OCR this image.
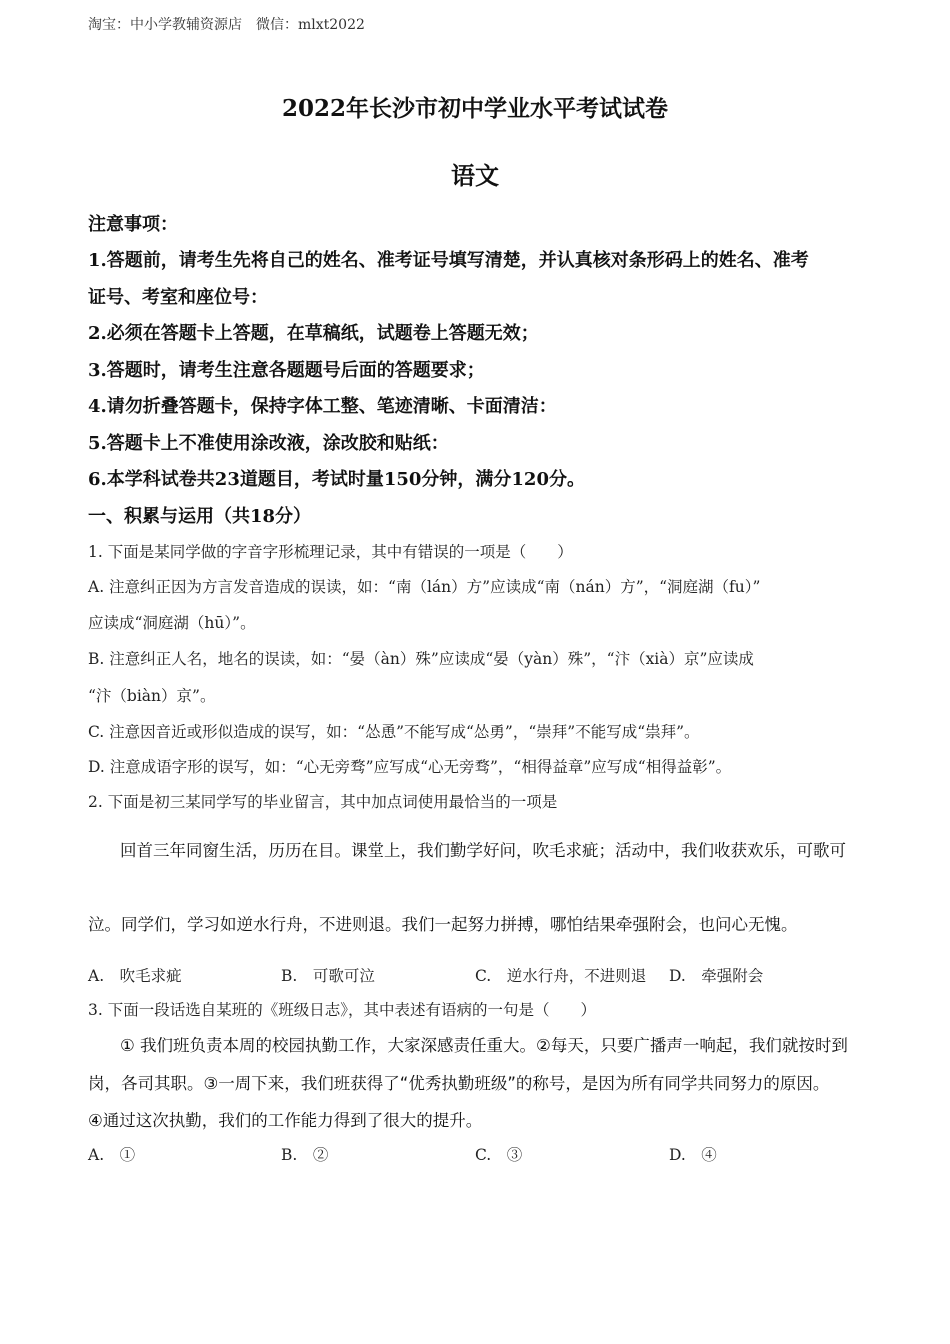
淘宝：中小学教辅资源店　微信：mlxt2022
2022年长沙市初中学业水平考试试卷
语文
注意事项：
1.答题前，请考生先将自己的姓名、准考证号填写清楚，并认真核对条形码上的姓名、准考
证号、考室和座位号：
2.必须在答题卡上答题，在草稿纸，试题卷上答题无效；
3.答题时，请考生注意各题题号后面的答题要求；
4.请勿折叠答题卡，保持字体工整、笔迹清晰、卡面清洁：
5.答题卡上不准使用涂改液，涂改胶和贴纸：
6.本学科试卷共23道题目，考试时量150分钟，满分120分。
一、积累与运用（共18分）
1. 下面是某同学做的字音字形梳理记录，其中有错误的一项是（　　）
A. 注意纠正因为方言发音造成的误读，如：“南（lán）方”应读成“南（nán）方”，“洞庭湖（fu）”
应读成“洞庭湖（hū）”。
B. 注意纠正人名，地名的误读，如：“晏（àn）殊”应读成“晏（yàn）殊”，“汴（xià）京”应读成
“汴（biàn）京”。
C. 注意因音近或形似造成的误写，如：“怂恿”不能写成“怂勇”，“崇拜”不能写成“祟拜”。
D. 注意成语字形的误写，如：“心无旁骛”应写成“心无旁骛”，“相得益章”应写成“相得益彰”。
2. 下面是初三某同学写的毕业留言，其中加点词使用最恰当的一项是
回首三年同窗生活，历历在目。课堂上，我们勤学好问，吹毛求疵；活动中，我们收获欢乐，可歌可
泣。同学们，学习如逆水行舟，不进则退。我们一起努力拼搏，哪怕结果牵强附会，也问心无愧。
A.　吹毛求疵	B.　可歌可泣	C.　逆水行舟，不进则退 D.　牵强附会
3. 下面一段话选自某班的《班级日志》，其中表述有语病的一句是（　　）
① 我们班负责本周的校园执勤工作，大家深感责任重大。②每天，只要广播声一响起，我们就按时到
岗，各司其职。③一周下来，我们班获得了“优秀执勤班级”的称号，是因为所有同学共同努力的原因。
④通过这次执勤，我们的工作能力得到了很大的提升。
A.　①	B.　②	C.　③	D.　④
